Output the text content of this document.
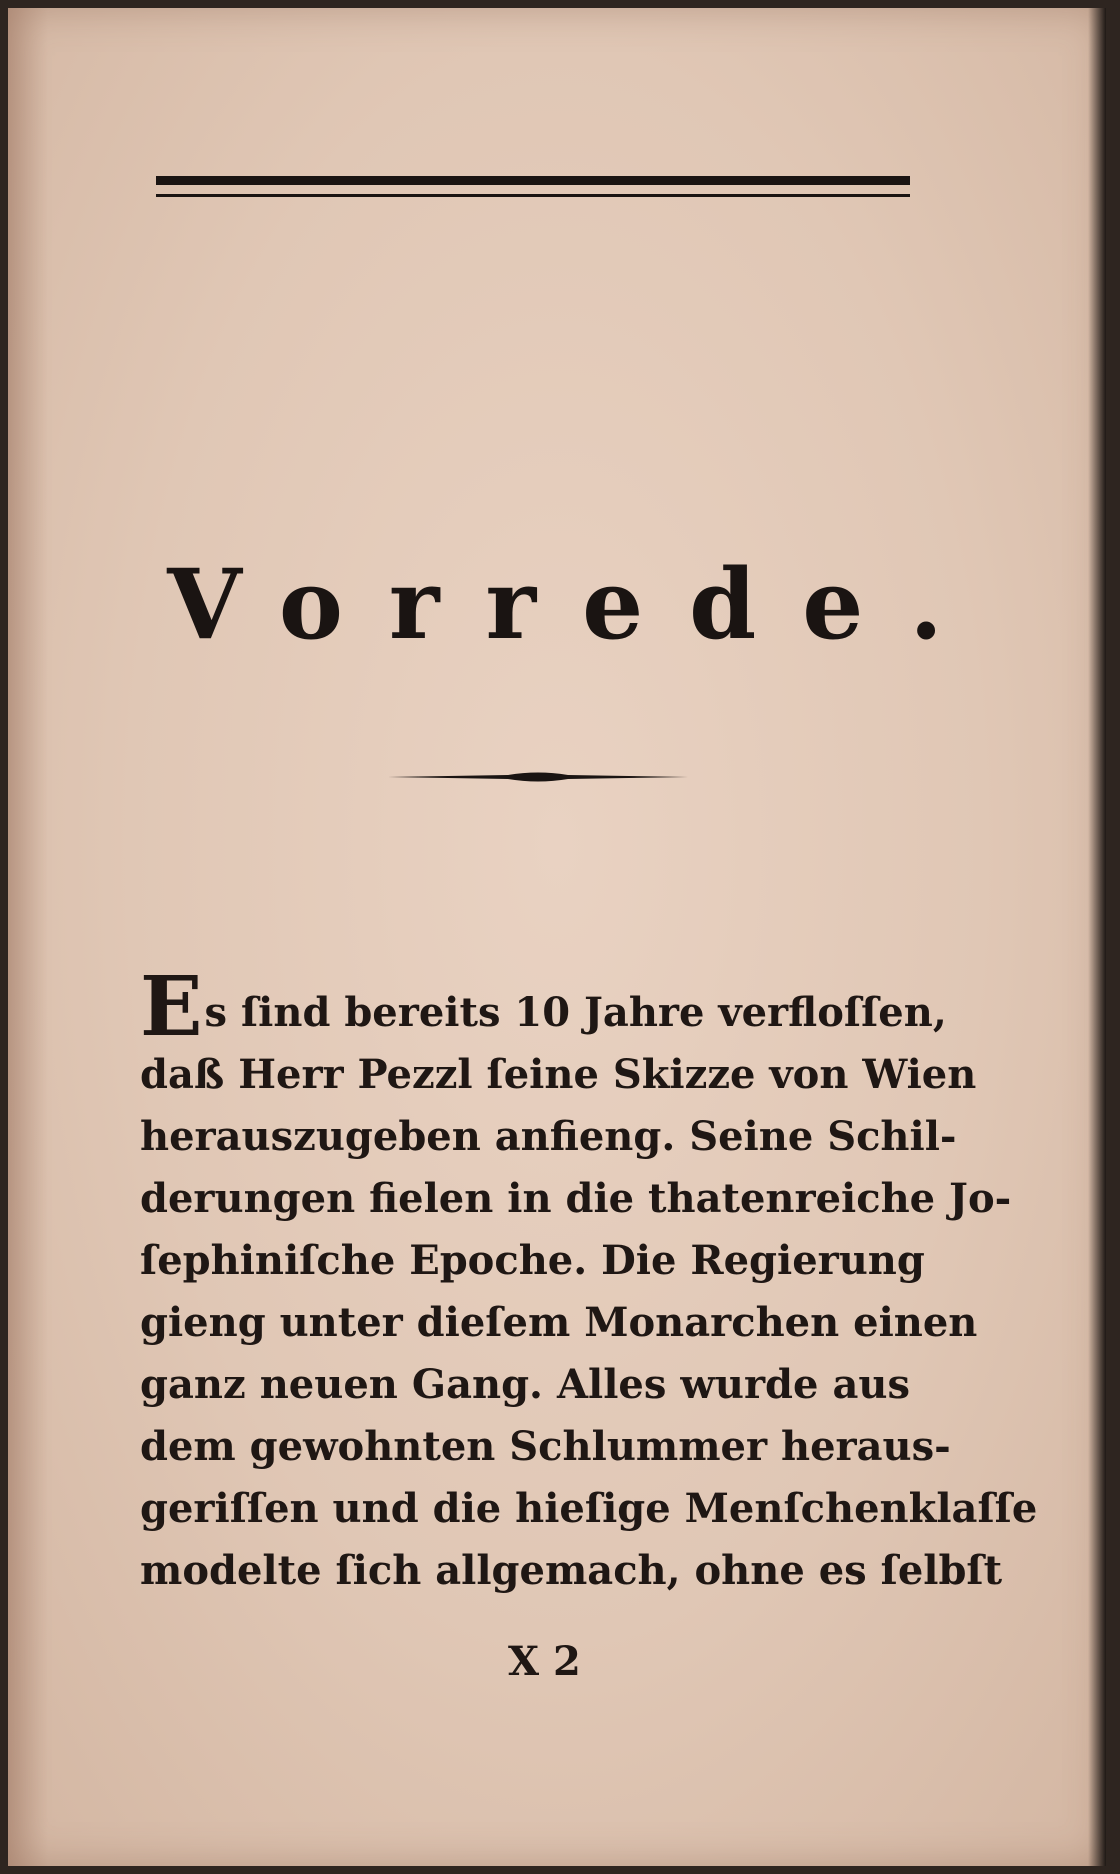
Vorrede.
Es ſind bereits 10 Jahre verfloſſen,
daß Herr Pezzl ſeine Skizze von Wien
herauszugeben anfieng. Seine Schil-
derungen fielen in die thatenreiche Jo-
ſephiniſche Epoche. Die Regierung
gieng unter dieſem Monarchen einen
ganz neuen Gang. Alles wurde aus
dem gewohnten Schlummer heraus-
geriſſen und die hieſige Menſchenklaſſe
modelte ſich allgemach, ohne es ſelbſt
X 2
